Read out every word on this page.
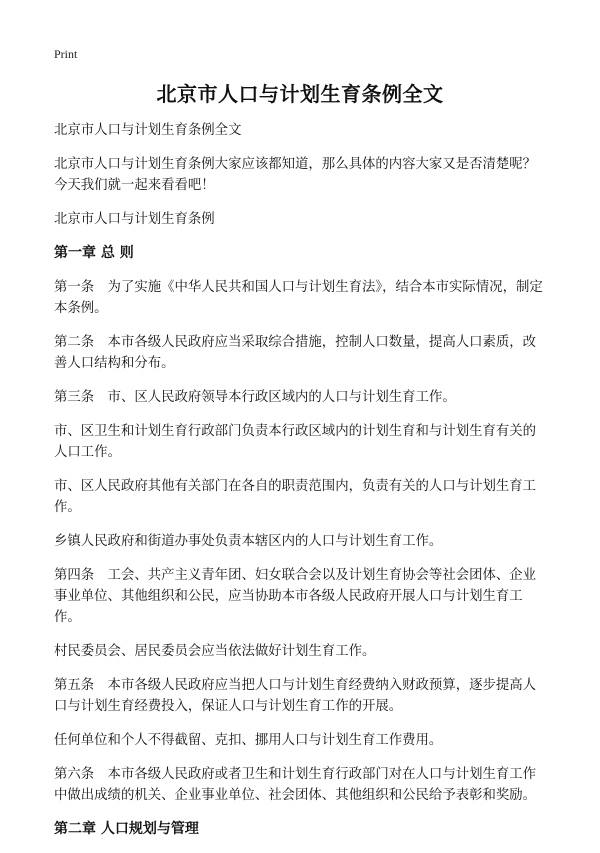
Print
北京市人口与计划生育条例全文

北京市人口与计划生育条例全文

北京市人口与计划生育条例大家应该都知道，那么具体的内容大家又是否清楚呢？今天我们就一起来看看吧！

北京市人口与计划生育条例

第一章 总 则

第一条　为了实施《中华人民共和国人口与计划生育法》，结合本市实际情况，制定本条例。

第二条　本市各级人民政府应当采取综合措施，控制人口数量，提高人口素质，改善人口结构和分布。

第三条　市、区人民政府领导本行政区域内的人口与计划生育工作。

市、区卫生和计划生育行政部门负责本行政区域内的计划生育和与计划生育有关的人口工作。

市、区人民政府其他有关部门在各自的职责范围内，负责有关的人口与计划生育工作。

乡镇人民政府和街道办事处负责本辖区内的人口与计划生育工作。

第四条　工会、共产主义青年团、妇女联合会以及计划生育协会等社会团体、企业事业单位、其他组织和公民，应当协助本市各级人民政府开展人口与计划生育工作。

村民委员会、居民委员会应当依法做好计划生育工作。

第五条　本市各级人民政府应当把人口与计划生育经费纳入财政预算，逐步提高人口与计划生育经费投入，保证人口与计划生育工作的开展。

任何单位和个人不得截留、克扣、挪用人口与计划生育工作费用。

第六条　本市各级人民政府或者卫生和计划生育行政部门对在人口与计划生育工作中做出成绩的机关、企业事业单位、社会团体、其他组织和公民给予表彰和奖励。

第二章 人口规划与管理
